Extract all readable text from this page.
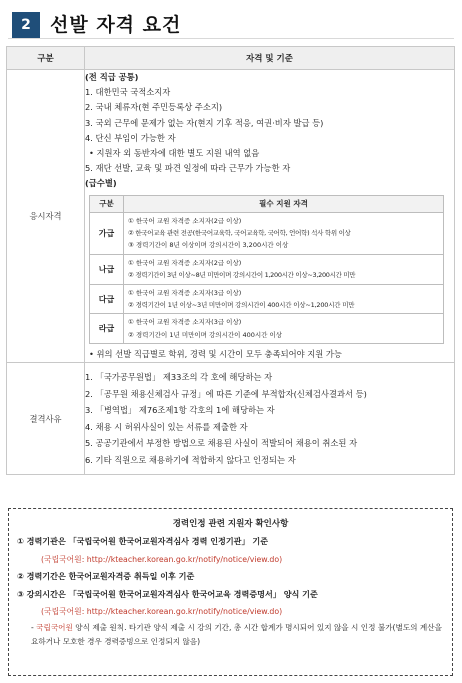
2	선발 자격 요건
구분	자격 및 기준
응시자격	
(전 직급 공통)
1. 대한민국 국적소지자
2. 국내 체류자(현 주민등록상 주소지)
3. 국외 근무에 문제가 없는 자(현지 기후 적응, 여권·비자 발급 등)
4. 단신 부임이 가능한 자
• 지원자 외 동반자에 대한 별도 지원 내역 없음
5. 재단 선발, 교육 및 파견 일정에 따라 근무가 가능한 자
(급수별)
구분	필수 지원 자격
가급	
① 한국어 교원 자격증 소지자(2급 이상)
② 한국어교육 관련 전공(한국어교육학, 국어교육학, 국어학, 언어학) 석사 학위 이상
③ 경력기간이 8년 이상이며 강의시간이 3,200시간 이상

나급	
① 한국어 교원 자격증 소지자(2급 이상)
② 경력기간이 3년 이상~8년 미만이며 강의시간이 1,200시간 이상~3,200시간 미만

다급	
① 한국어 교원 자격증 소지자(3급 이상)
② 경력기간이 1년 이상~3년 미만이며 강의시간이 400시간 이상~1,200시간 미만

라급	
① 한국어 교원 자격증 소지자(3급 이상)
② 경력기간이 1년 미만이며 강의시간이 400시간 이상
• 위의 선발 직급별로 학위, 경력 및 시간이 모두 충족되어야 지원 가능

결격사유	
1. 「국가공무원법」 제33조의 각 호에 해당하는 자
2. 「공무원 채용신체검사 규정」에 따른 기준에 부적합자(신체검사결과서 등)
3. 「병역법」 제76조제1항 각호의 1에 해당하는 자
4. 채용 시 허위사실이 있는 서류를 제출한 자
5. 공공기관에서 부정한 방법으로 채용된 사실이 적발되어 채용이 취소된 자
6. 기타 직원으로 채용하기에 적합하지 않다고 인정되는 자
경력인정 관련 지원자 확인사항
① 경력기관은 「국립국어원 한국어교원자격심사 경력 인정기관」 기준
(국립국어원: http://kteacher.korean.go.kr/notify/notice/view.do)
② 경력기간은 한국어교원자격증 취득일 이후 기준
③ 강의시간은 「국립국어원 한국어교원자격심사 한국어교육 경력증명서」 양식 기준
(국립국어원: http://kteacher.korean.go.kr/notify/notice/view.do)
- 국립국어원 양식 제출 원칙. 타기관 양식 제출 시 강의 기간, 총 시간 합계가 명시되어 있지 않을 시 인정 불가(별도의 계산을 요하거나 모호한 경우 경력증빙으로 인정되지 않음)
